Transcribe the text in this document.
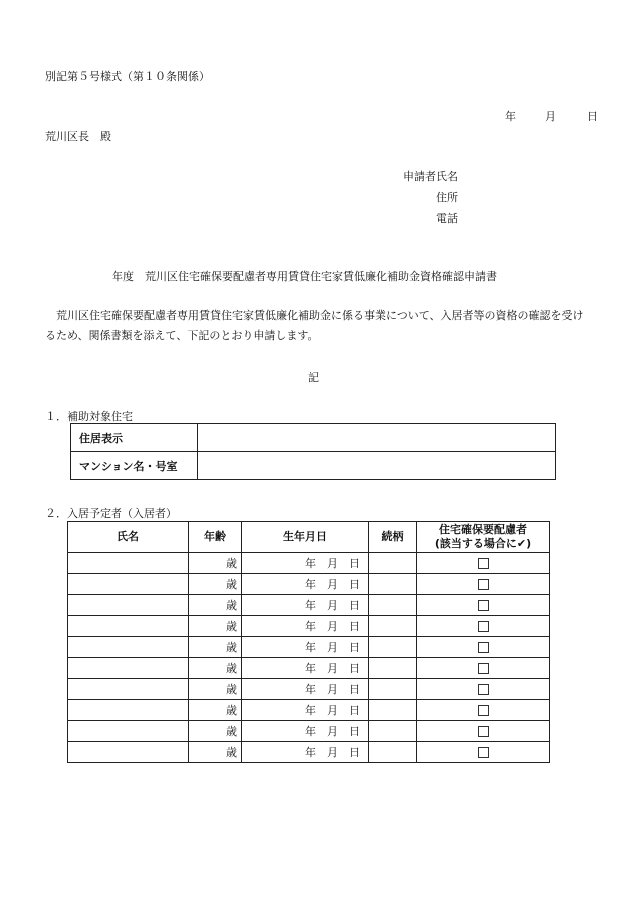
別記第５号様式（第１０条関係）
年	月	日
荒川区長　殿
申請者氏名
住所
電話
年度　荒川区住宅確保要配慮者専用賃貸住宅家賃低廉化補助金資格確認申請書
荒川区住宅確保要配慮者専用賃貸住宅家賃低廉化補助金に係る事業について、入居者等の資格の確認を受けるため、関係書類を添えて、下記のとおり申請します。
記
１．補助対象住宅
住居表示	
マンション名・号室	
２．入居予定者（入居者）
氏名	年齢	生年月日	続柄	住宅確保要配慮者
(該当する場合に✔)

	歳	年　月　日		
	歳	年　月　日		
	歳	年　月　日		
	歳	年　月　日		
	歳	年　月　日		
	歳	年　月　日		
	歳	年　月　日		
	歳	年　月　日		
	歳	年　月　日		
	歳	年　月　日		
